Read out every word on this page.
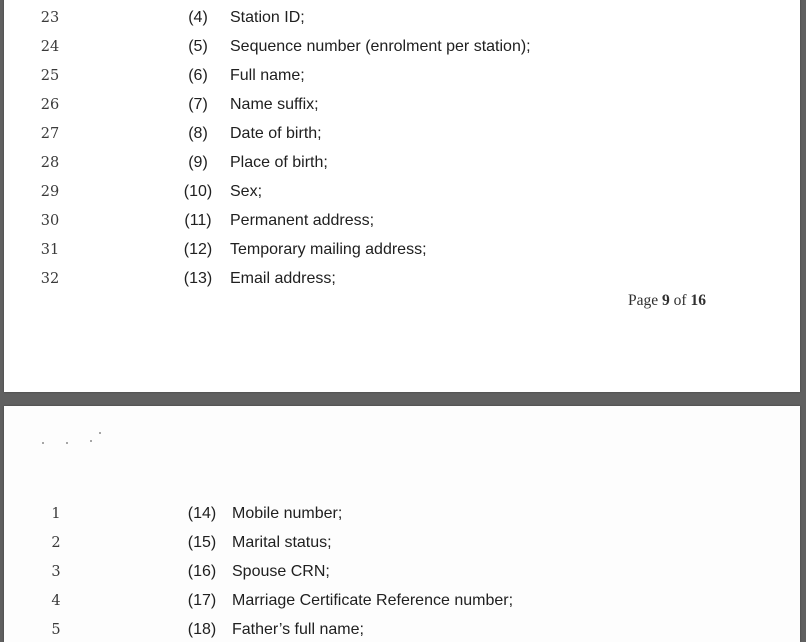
23	(4)	Station ID;
24	(5)	Sequence number (enrolment per station);
25	(6)	Full name;
26	(7)	Name suffix;
27	(8)	Date of birth;
28	(9)	Place of birth;
29	(10)	Sex;
30	(11)	Permanent address;
31	(12)	Temporary mailing address;
32	(13)	Email address;
Page 9 of 16
1	(14) Mobile number;
2	(15) Marital status;
3	(16) Spouse CRN;
4	(17) Marriage Certificate Reference number;
5	(18) Father’s full name;
